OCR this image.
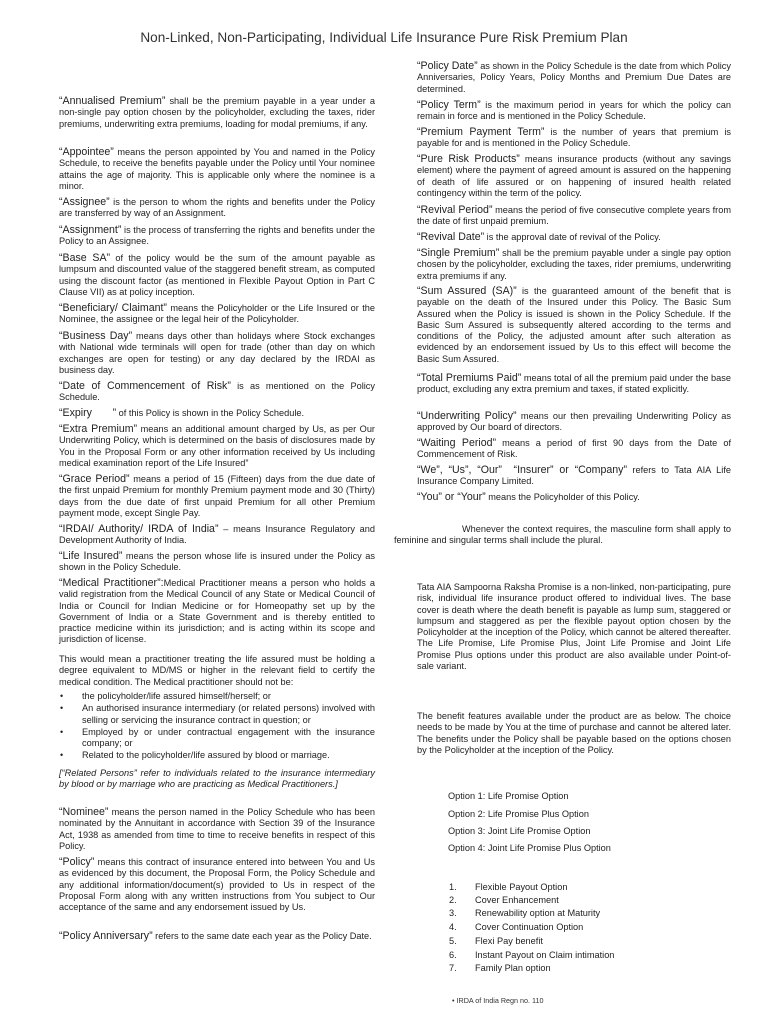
Non-Linked, Non-Participating, Individual Life Insurance Pure Risk Premium Plan

“Annualised Premium” shall be the premium payable in a year under a non-single pay option chosen by the policyholder, excluding the taxes, rider premiums, underwriting extra premiums, loading for modal premiums, if any.

“Appointee” means the person appointed by You and named in the Policy Schedule, to receive the benefits payable under the Policy until Your nominee attains the age of majority. This is applicable only where the nominee is a minor.

“Assignee” is the person to whom the rights and benefits under the Policy are transferred by way of an Assignment.

“Assignment” is the process of transferring the rights and benefits under the Policy to an Assignee.

“Base SA” of the policy would be the sum of the amount payable as lumpsum and discounted value of the staggered benefit stream, as computed using the discount factor (as mentioned in Flexible Payout Option in Part C Clause VII) as at policy inception.

“Beneficiary/ Claimant” means the Policyholder or the Life Insured or the Nominee, the assignee or the legal heir of the Policyholder.

“Business Day” means days other than holidays where Stock exchanges with National wide terminals will open for trade (other than day on which exchanges are open for testing) or any day declared by the IRDAI as business day.

“Date of Commencement of Risk” is as mentioned on the Policy Schedule.

“Expiry       ” of this Policy is shown in the Policy Schedule.

“Extra Premium” means an additional amount charged by Us, as per Our Underwriting Policy, which is determined on the basis of disclosures made by You in the Proposal Form or any other information received by Us including medical examination report of the Life Insured”

“Grace Period” means a period of 15 (Fifteen) days from the due date of the first unpaid Premium for monthly Premium payment mode and 30 (Thirty) days from the due date of first unpaid Premium for all other Premium payment mode, except Single Pay.

“IRDAI/ Authority/ IRDA of India” – means Insurance Regulatory and Development Authority of India.

“Life Insured” means the person whose life is insured under the Policy as shown in the Policy Schedule.

“Medical Practitioner”:Medical Practitioner means a person who holds a valid registration from the Medical Council of any State or Medical Council of India or Council for Indian Medicine or for Homeopathy set up by the Government of India or a State Government and is thereby entitled to practice medicine within its jurisdiction; and is acting within its scope and jurisdiction of license.

This would mean a practitioner treating the life assured must be holding a degree equivalent to MD/MS or higher in the relevant field to certify the medical condition. The Medical practitioner should not be:

• the policyholder/life assured himself/herself; or
• An authorised insurance intermediary (or related persons) involved with selling or servicing the insurance contract in question; or
• Employed by or under contractual engagement with the insurance company; or
• Related to the policyholder/life assured by blood or marriage.

[“Related Persons” refer to individuals related to the insurance intermediary by blood or by marriage who are practicing as Medical Practitioners.]

“Nominee” means the person named in the Policy Schedule who has been nominated by the Annuitant in accordance with Section 39 of the Insurance Act, 1938 as amended from time to time to receive benefits in respect of this Policy.

“Policy” means this contract of insurance entered into between You and Us as evidenced by this document, the Proposal Form, the Policy Schedule and any additional information/document(s) provided to Us in respect of the Proposal Form along with any written instructions from You subject to Our acceptance of the same and any endorsement issued by Us.

“Policy Anniversary” refers to the same date each year as the Policy Date.

“Policy Date” as shown in the Policy Schedule is the date from which Policy Anniversaries, Policy Years, Policy Months and Premium Due Dates are determined.

“Policy Term” is the maximum period in years for which the policy can remain in force and is mentioned in the Policy Schedule.

“Premium Payment Term” is the number of years that premium is payable for and is mentioned in the Policy Schedule.

“Pure Risk Products” means insurance products (without any savings element) where the payment of agreed amount is assured on the happening of death of life assured or on happening of insured health related contingency within the term of the policy.

“Revival Period” means the period of five consecutive complete years from the date of first unpaid premium.

“Revival Date” is the approval date of revival of the Policy.

“Single Premium” shall be the premium payable under a single pay option chosen by the policyholder, excluding the taxes, rider premiums, underwriting extra premiums if any.

“Sum Assured (SA)” is the guaranteed amount of the benefit that is payable on the death of the Insured under this Policy. The Basic Sum Assured when the Policy is issued is shown in the Policy Schedule. If the Basic Sum Assured is subsequently altered according to the terms and conditions of the Policy, the adjusted amount after such alteration as evidenced by an endorsement issued by Us to this effect will become the Basic Sum Assured.

“Total Premiums Paid” means total of all the premium paid under the base product, excluding any extra premium and taxes, if stated explicitly.

“Underwriting Policy” means our then prevailing Underwriting Policy as approved by Our board of directors.

“Waiting Period” means a period of first 90 days from the Date of Commencement of Risk.

“We”, “Us”, “Our”  “Insurer” or “Company” refers to Tata AIA Life Insurance Company Limited.

“You” or “Your” means the Policyholder of this Policy.

Whenever the context requires, the masculine form shall apply to feminine and singular terms shall include the plural.

Tata AIA Sampoorna Raksha Promise is a non-linked, non-participating, pure risk, individual life insurance product offered to individual lives. The base cover is death where the death benefit is payable as lump sum, staggered or lumpsum and staggered as per the flexible payout option chosen by the Policyholder at the inception of the Policy, which cannot be altered thereafter. The Life Promise, Life Promise Plus, Joint Life Promise and Joint Life Promise Plus options under this product are also available under Point-of-sale variant.

The benefit features available under the product are as below. The choice needs to be made by You at the time of purchase and cannot be altered later. The benefits under the Policy shall be payable based on the options chosen by the Policyholder at the inception of the Policy.

Option 1: Life Promise Option
Option 2: Life Promise Plus Option
Option 3: Joint Life Promise Option
Option 4: Joint Life Promise Plus Option
1. Flexible Payout Option
2. Cover Enhancement
3. Renewability option at Maturity
4. Cover Continuation Option
5. Flexi Pay benefit
6. Instant Payout on Claim intimation
7. Family Plan option
• IRDA of India Regn no. 110
